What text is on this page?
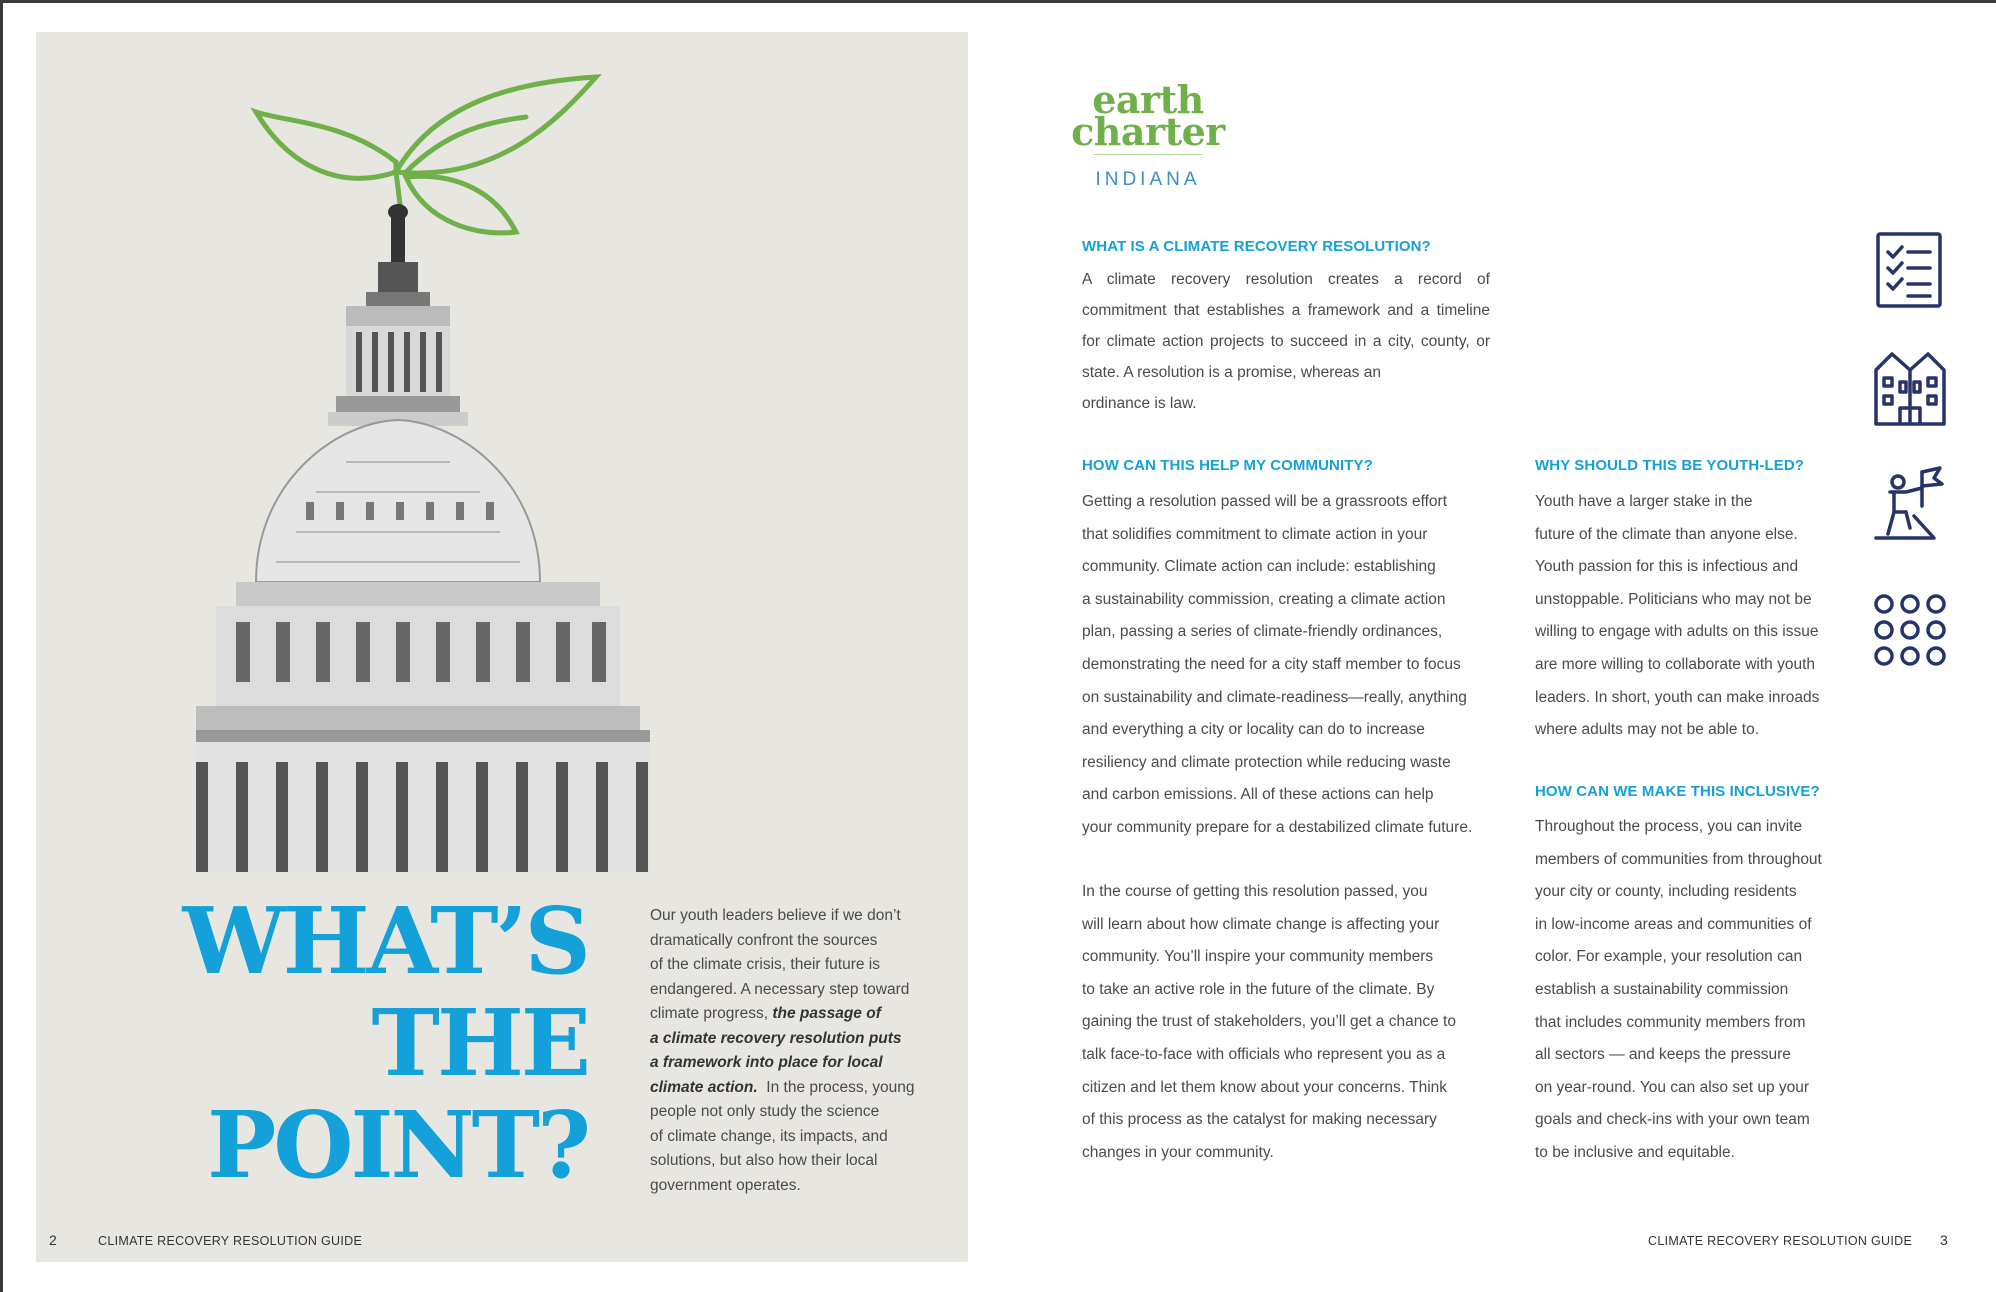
WHAT’S
THE
POINT?
Our youth leaders believe if we don’t
dramatically confront the sources
of the climate crisis, their future is
endangered. A necessary step toward
climate progress, the passage of
a climate recovery resolution puts
a framework into place for local
climate action.  In the process, young
people not only study the science
of climate change, its impacts, and
solutions, but also how their local
government operates.
2	CLIMATE RECOVERY RESOLUTION GUIDE
earth
charter
INDIANA
WHAT IS A CLIMATE RECOVERY RESOLUTION?
A climate recovery resolution creates a record of
commitment that establishes a framework and a timeline
for climate action projects to succeed in a city, county, or
state. A resolution is a promise, whereas an
ordinance is law.
HOW CAN THIS HELP MY COMMUNITY?
Getting a resolution passed will be a grassroots effort
that solidifies commitment to climate action in your
community. Climate action can include: establishing
a sustainability commission, creating a climate action
plan, passing a series of climate-friendly ordinances,
demonstrating the need for a city staff member to focus
on sustainability and climate-readiness—really, anything
and everything a city or locality can do to increase
resiliency and climate protection while reducing waste
and carbon emissions. All of these actions can help
your community prepare for a destabilized climate future.
In the course of getting this resolution passed, you
will learn about how climate change is affecting your
community. You’ll inspire your community members
to take an active role in the future of the climate. By
gaining the trust of stakeholders, you’ll get a chance to
talk face-to-face with officials who represent you as a
citizen and let them know about your concerns. Think
of this process as the catalyst for making necessary
changes in your community.
WHY SHOULD THIS BE YOUTH-LED?
Youth have a larger stake in the
future of the climate than anyone else.
Youth passion for this is infectious and
unstoppable. Politicians who may not be
willing to engage with adults on this issue
are more willing to collaborate with youth
leaders. In short, youth can make inroads
where adults may not be able to.
HOW CAN WE MAKE THIS INCLUSIVE?
Throughout the process, you can invite
members of communities from throughout
your city or county, including residents
in low-income areas and communities of
color. For example, your resolution can
establish a sustainability commission
that includes community members from
all sectors — and keeps the pressure
on year-round. You can also set up your
goals and check-ins with your own team
to be inclusive and equitable.
CLIMATE RECOVERY RESOLUTION GUIDE 3
